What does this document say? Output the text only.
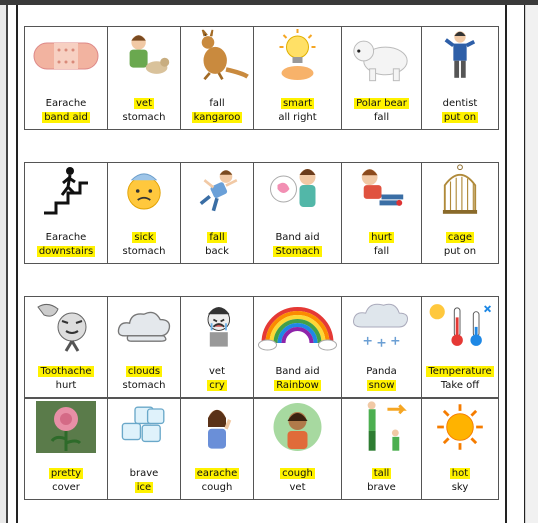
Earache
band aid
vet
stomach
fall
kangaroo
smart
all right
Polar bear
fall
dentist
put on
Earache
downstairs
sick
stomach
fall
back
Band aid
Stomach
hurt
fall
cage
put on
Toothache
hurt
clouds
stomach
vet
cry
Band aid
Rainbow
Panda
snow
Temperature
Take off
pretty
cover
brave
ice
earache
cough
cough
vet
tall
brave
hot
sky
